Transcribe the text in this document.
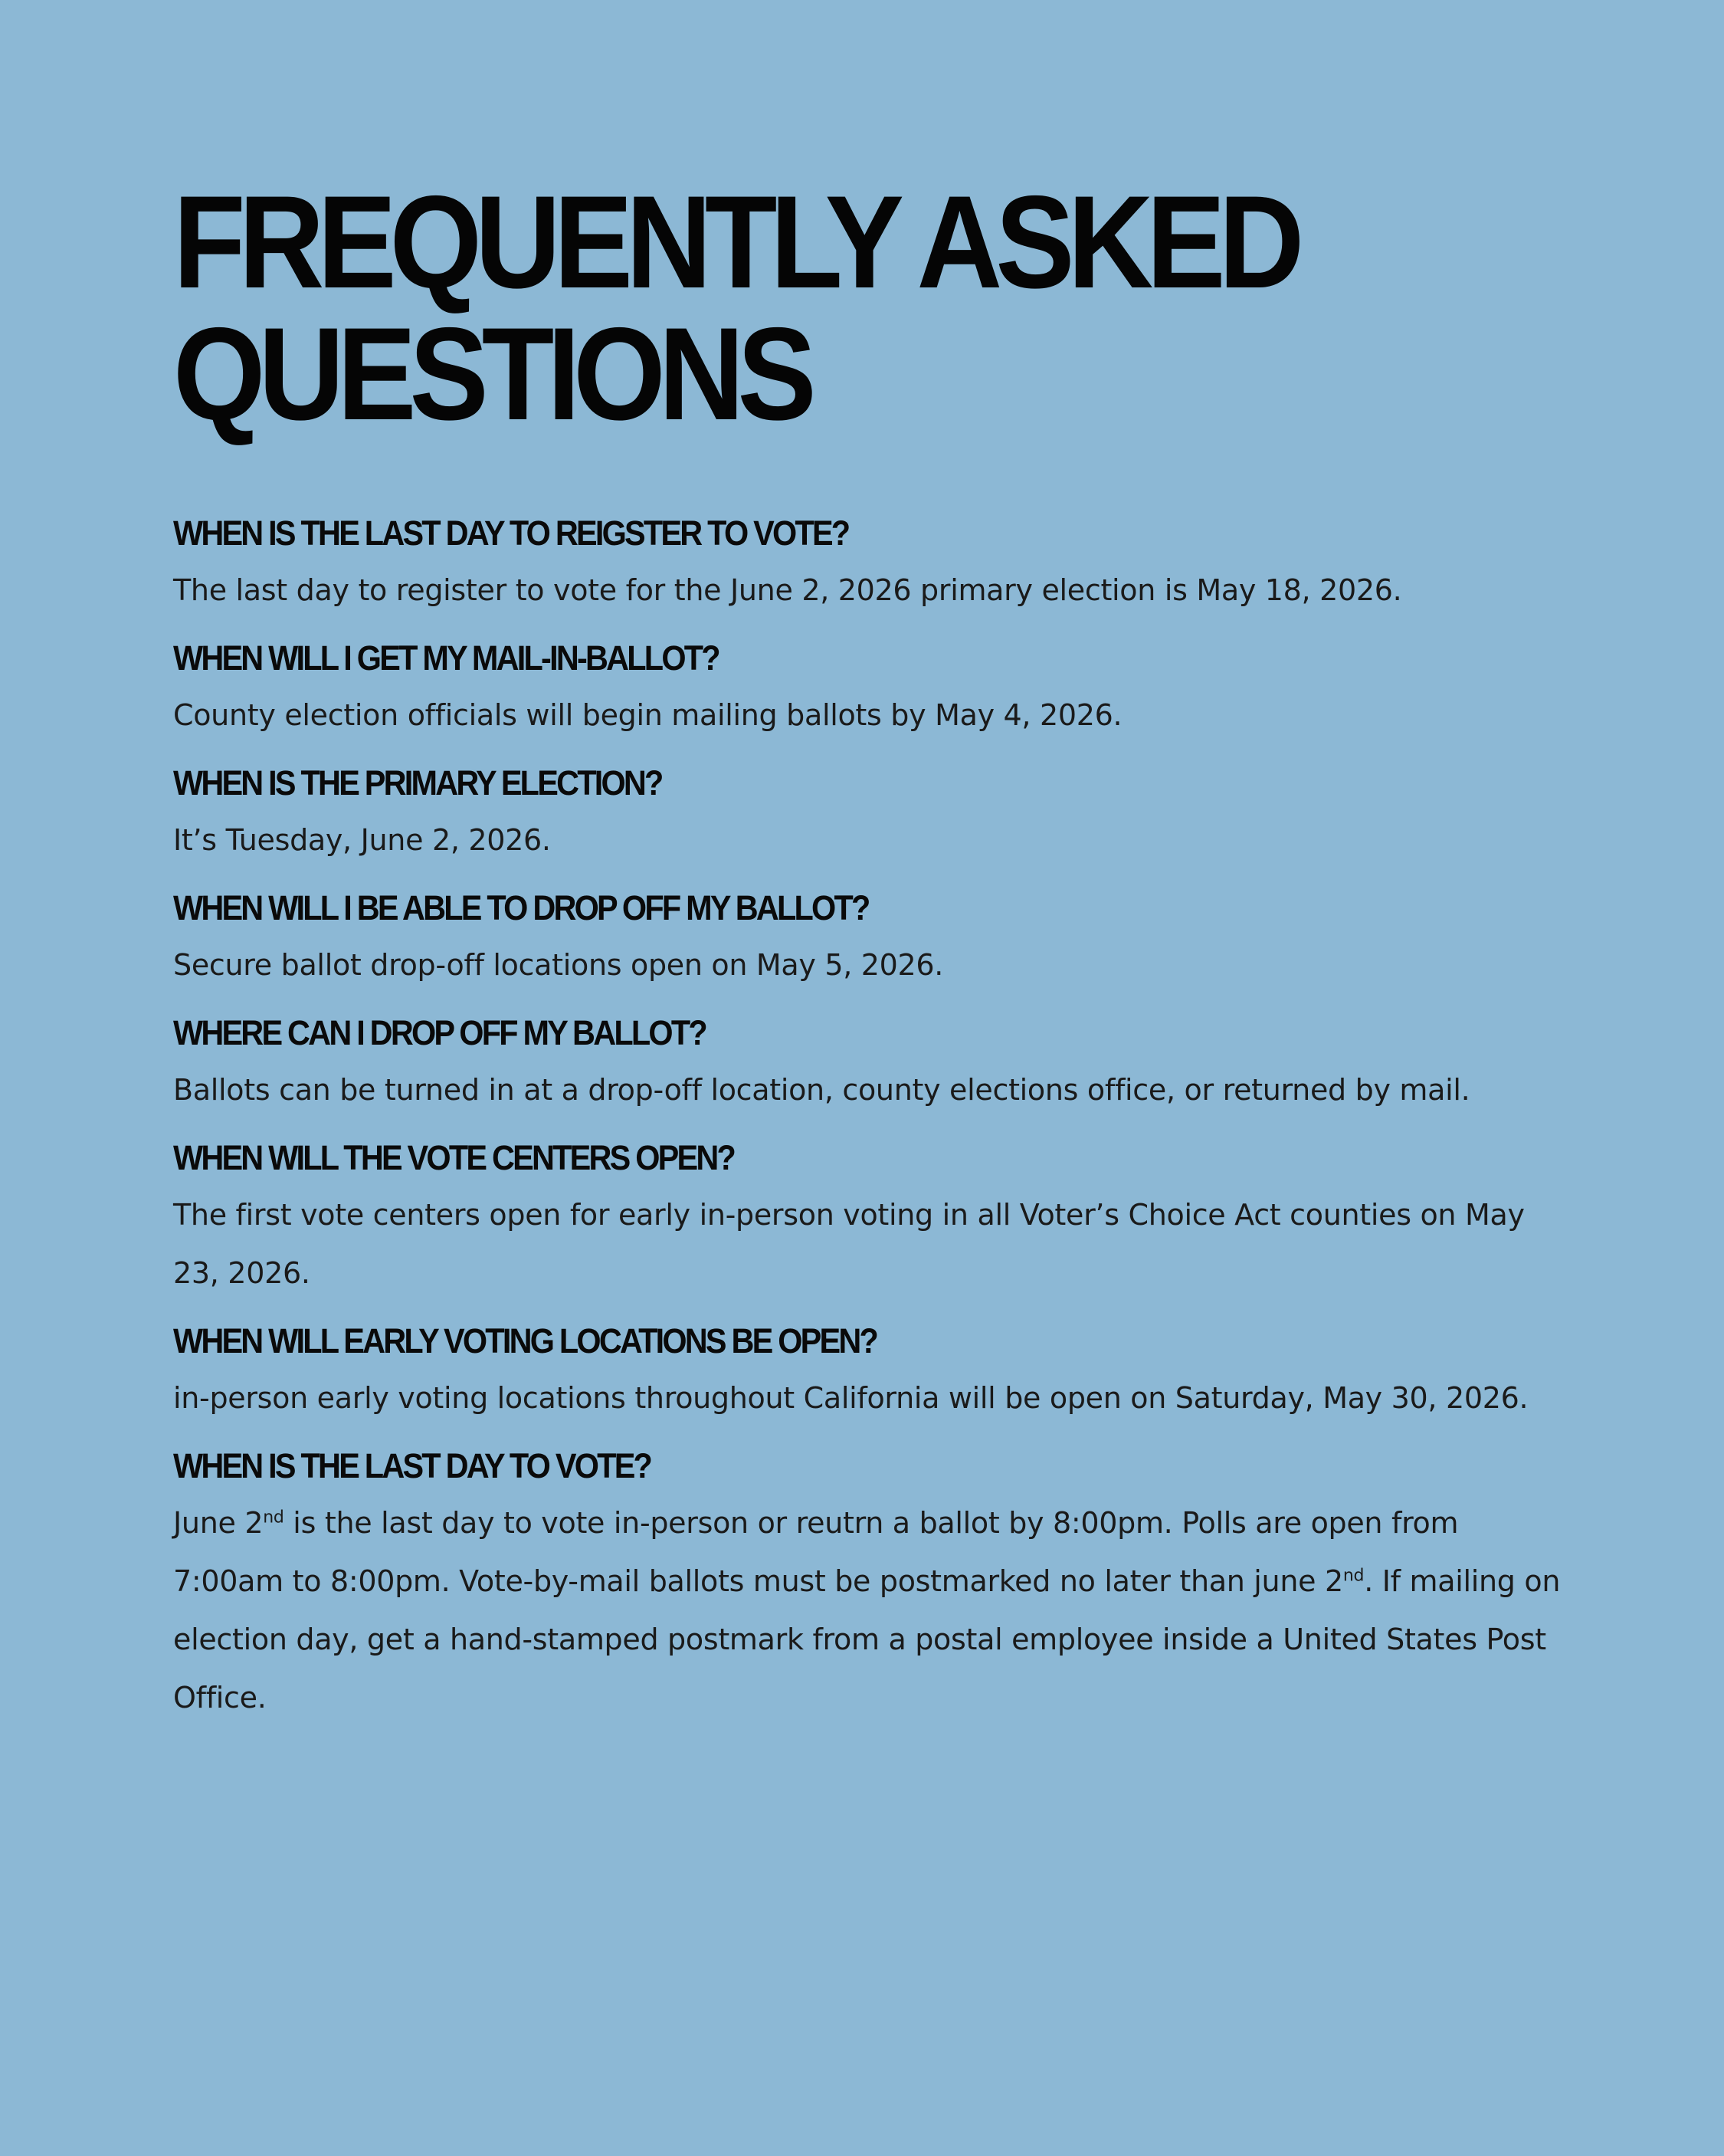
FREQUENTLY ASKED
QUESTIONS
WHEN IS THE LAST DAY TO REIGSTER TO VOTE?

The last day to register to vote for the June 2, 2026 primary election is May 18, 2026.

WHEN WILL I GET MY MAIL-IN-BALLOT?

County election officials will begin mailing ballots by May 4, 2026.

WHEN IS THE PRIMARY ELECTION?

It’s Tuesday, June 2, 2026.

WHEN WILL I BE ABLE TO DROP OFF MY BALLOT?

Secure ballot drop-off locations open on May 5, 2026.

WHERE CAN I DROP OFF MY BALLOT?

Ballots can be turned in at a drop-off location, county elections office, or returned by mail.

WHEN WILL THE VOTE CENTERS OPEN?

The first vote centers open for early in-person voting in all Voter’s Choice Act counties on May 23, 2026.

WHEN WILL EARLY VOTING LOCATIONS BE OPEN?

in-person early voting locations throughout California will be open on Saturday, May 30, 2026.

WHEN IS THE LAST DAY TO VOTE?

June 2nd is the last day to vote in-person or reutrn a ballot by 8:00pm. Polls are open from 7:00am to 8:00pm. Vote-by-mail ballots must be postmarked no later than june 2nd. If mailing on election day, get a hand-stamped postmark from a postal employee inside a United States Post Office.
